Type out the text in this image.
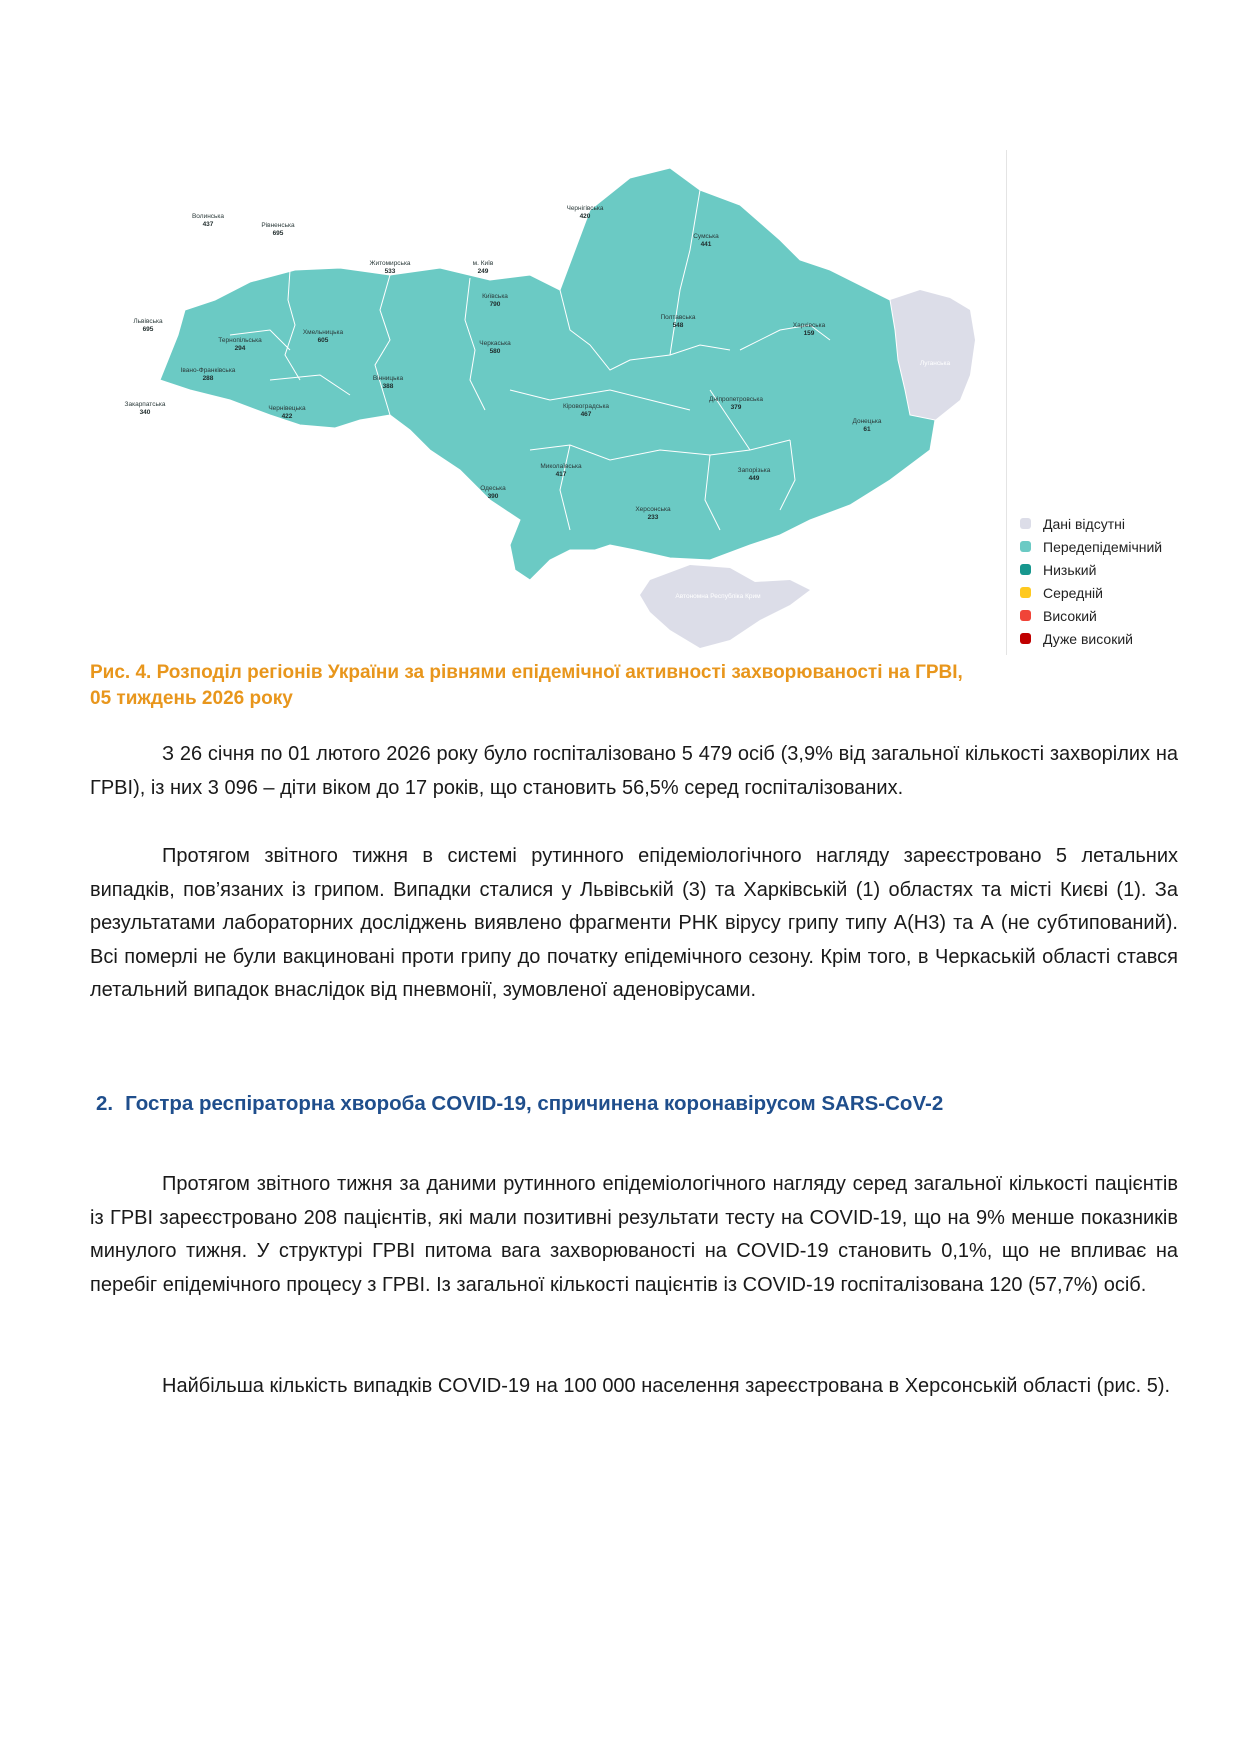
Волинська
437	Рівненська
695
Житомирська
533
м. Київ
249
Київська
790
Чернігівська
420
Сумська
441
Львівська
695
Тернопільська
294
Хмельницька
605	Черкаська
580
Полтавська
548	Харківська
159
Івано-Франківська
288	Вінницька
388
Закарпатська
340
Чернівецька
422
Кіровоградська
467
Дніпропетровська
379
Донецька
61
Миколаївська
417
Запорізька
449
Одеська
390
Херсонська
233
Луганська
Автономна Республіка Крим
Дані відсутні
Передепідемічний
Низький
Середній
Високий
Дуже високий
Рис. 4. Розподіл регіонів України за рівнями епідемічної активності захворюваності на ГРВІ,
05 тиждень 2026 року
З 26 січня по 01 лютого 2026 року було госпіталізовано 5 479 осіб (3,9% від загальної кількості захворілих на ГРВІ), із них 3 096 – діти віком до 17 років, що становить 56,5% серед госпіталізованих.
Протягом звітного тижня в системі рутинного епідеміологічного нагляду зареєстровано 5 летальних випадків, пов’язаних із грипом. Випадки сталися у Львівській (3) та Харківській (1) областях та місті Києві (1). За результатами лабораторних досліджень виявлено фрагменти РНК вірусу грипу типу А(Н3) та А (не субтипований). Всі померлі не були вакциновані проти грипу до початку епідемічного сезону. Крім того, в Черкаській області стався летальний випадок внаслідок від пневмонії, зумовленої аденовірусами.
2. Гостра респіраторна хвороба COVID-19, спричинена коронавірусом SARS-CoV-2
Протягом звітного тижня за даними рутинного епідеміологічного нагляду серед загальної кількості пацієнтів із ГРВІ зареєстровано 208 пацієнтів, які мали позитивні результати тесту на COVID-19, що на 9% менше показників минулого тижня. У структурі ГРВІ питома вага захворюваності на COVID-19 становить 0,1%, що не впливає на перебіг епідемічного процесу з ГРВІ. Із загальної кількості пацієнтів із COVID-19 госпіталізована 120 (57,7%) осіб.
Найбільша кількість випадків COVID-19 на 100 000 населення зареєстрована в Херсонській області (рис. 5).
